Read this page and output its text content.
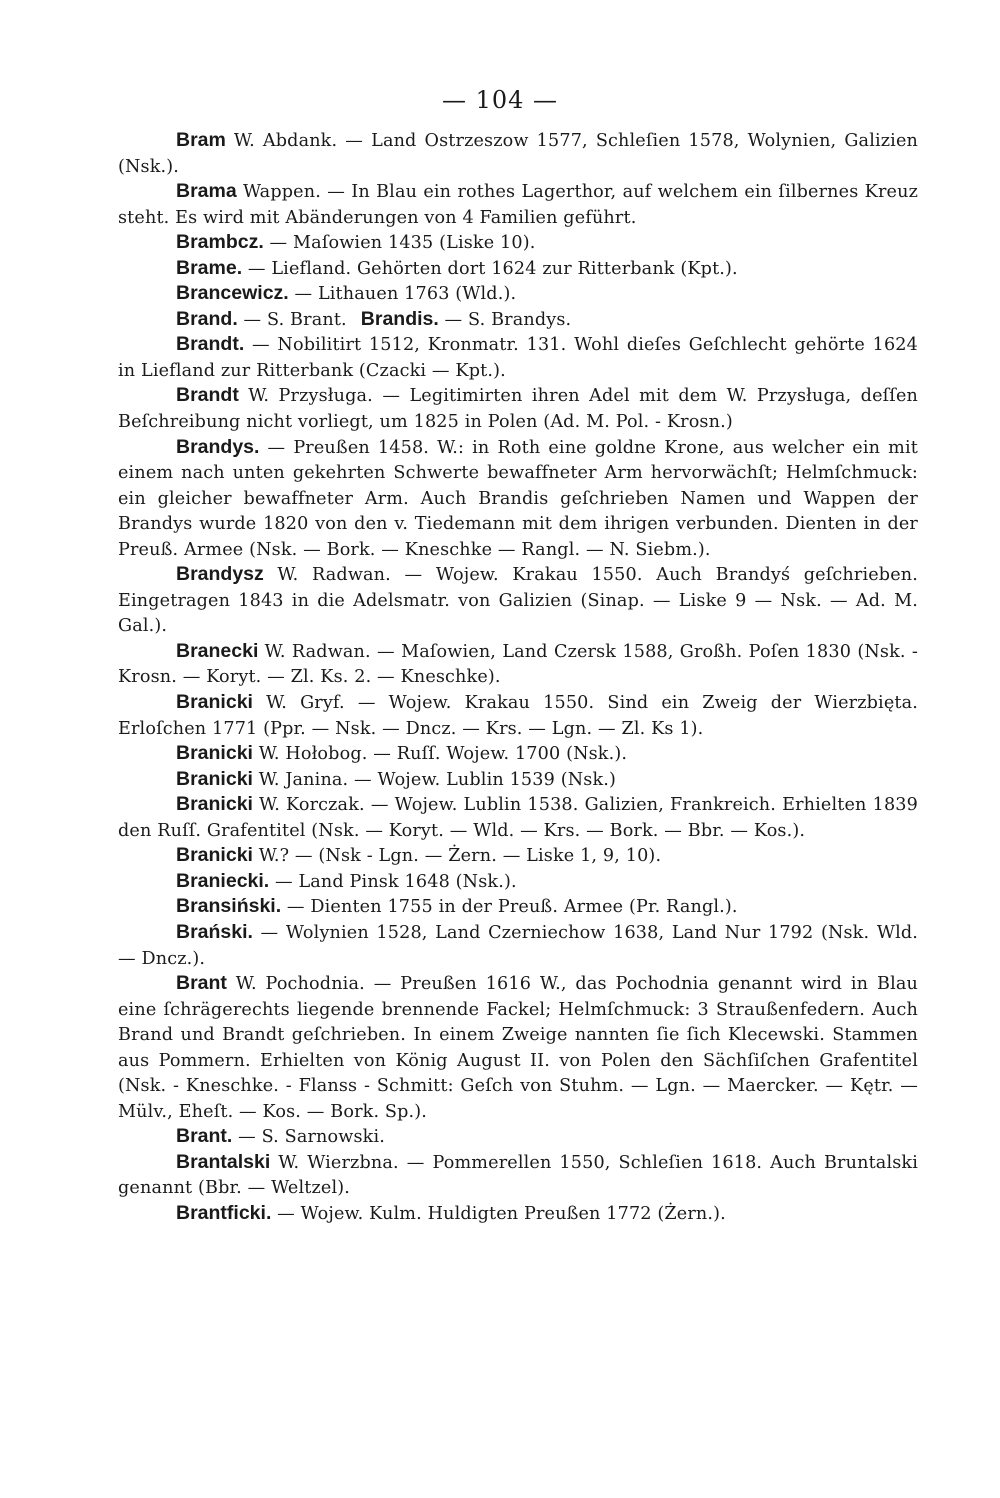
— 104 —

Bram W. Abdank. — Land Ostrzeszow 1577, Schleſien 1578, Wolynien, Galizien (Nsk.).

Brama Wappen. — In Blau ein rothes Lagerthor, auf welchem ein ſilbernes Kreuz steht. Es wird mit Abänderungen von 4 Familien geführt.

Brambcz. — Maſowien 1435 (Liske 10).

Brame. — Liefland. Gehörten dort 1624 zur Ritterbank (Kpt.).

Brancewicz. — Lithauen 1763 (Wld.).

Brand. — S. Brant. Brandis. — S. Brandys.

Brandt. — Nobilitirt 1512, Kronmatr. 131. Wohl dieſes Geſchlecht gehörte 1624 in Liefland zur Ritterbank (Czacki — Kpt.).

Brandt W. Przysługa. — Legitimirten ihren Adel mit dem W. Przysługa, deſſen Beſchreibung nicht vorliegt, um 1825 in Polen (Ad. M. Pol. - Krosn.)

Brandys. — Preußen 1458. W.: in Roth eine goldne Krone, aus welcher ein mit einem nach unten gekehrten Schwerte bewaffneter Arm hervorwächſt; Helmſchmuck: ein gleicher bewaffneter Arm. Auch Brandis geſchrieben Namen und Wappen der Brandys wurde 1820 von den v. Tiedemann mit dem ihrigen verbunden. Dienten in der Preuß. Armee (Nsk. — Bork. — Kneschke — Rangl. — N. Siebm.).

Brandysz W. Radwan. — Wojew. Krakau 1550. Auch Brandyś geſchrieben. Eingetragen 1843 in die Adelsmatr. von Galizien (Sinap. — Liske 9 — Nsk. — Ad. M. Gal.).

Branecki W. Radwan. — Maſowien, Land Czersk 1588, Großh. Poſen 1830 (Nsk. - Krosn. — Koryt. — Zl. Ks. 2. — Kneschke).

Branicki W. Gryf. — Wojew. Krakau 1550. Sind ein Zweig der Wierzbięta. Erloſchen 1771 (Ppr. — Nsk. — Dncz. — Krs. — Lgn. — Zl. Ks 1).

Branicki W. Hołobog. — Ruſſ. Wojew. 1700 (Nsk.).

Branicki W. Janina. — Wojew. Lublin 1539 (Nsk.)

Branicki W. Korczak. — Wojew. Lublin 1538. Galizien, Frankreich. Erhielten 1839 den Ruſſ. Grafentitel (Nsk. — Koryt. — Wld. — Krs. — Bork. — Bbr. — Kos.).

Branicki W.? — (Nsk - Lgn. — Żern. — Liske 1, 9, 10).

Braniecki. — Land Pinsk 1648 (Nsk.).

Bransiński. — Dienten 1755 in der Preuß. Armee (Pr. Rangl.).

Brański. — Wolynien 1528, Land Czerniechow 1638, Land Nur 1792 (Nsk. Wld. — Dncz.).

Brant W. Pochodnia. — Preußen 1616 W., das Pochodnia genannt wird in Blau eine ſchrägerechts liegende brennende Fackel; Helmſchmuck: 3 Straußenfedern. Auch Brand und Brandt geſchrieben. In einem Zweige nannten ſie ſich Klecewski. Stammen aus Pommern. Erhielten von König August II. von Polen den Sächſiſchen Grafentitel (Nsk. - Kneschke. - Flanss - Schmitt: Geſch von Stuhm. — Lgn. — Maercker. — Kętr. — Mülv., Eheſt. — Kos. — Bork. Sp.).

Brant. — S. Sarnowski.

Brantalski W. Wierzbna. — Pommerellen 1550, Schleſien 1618. Auch Bruntalski genannt (Bbr. — Weltzel).

Brantficki. — Wojew. Kulm. Huldigten Preußen 1772 (Żern.).
